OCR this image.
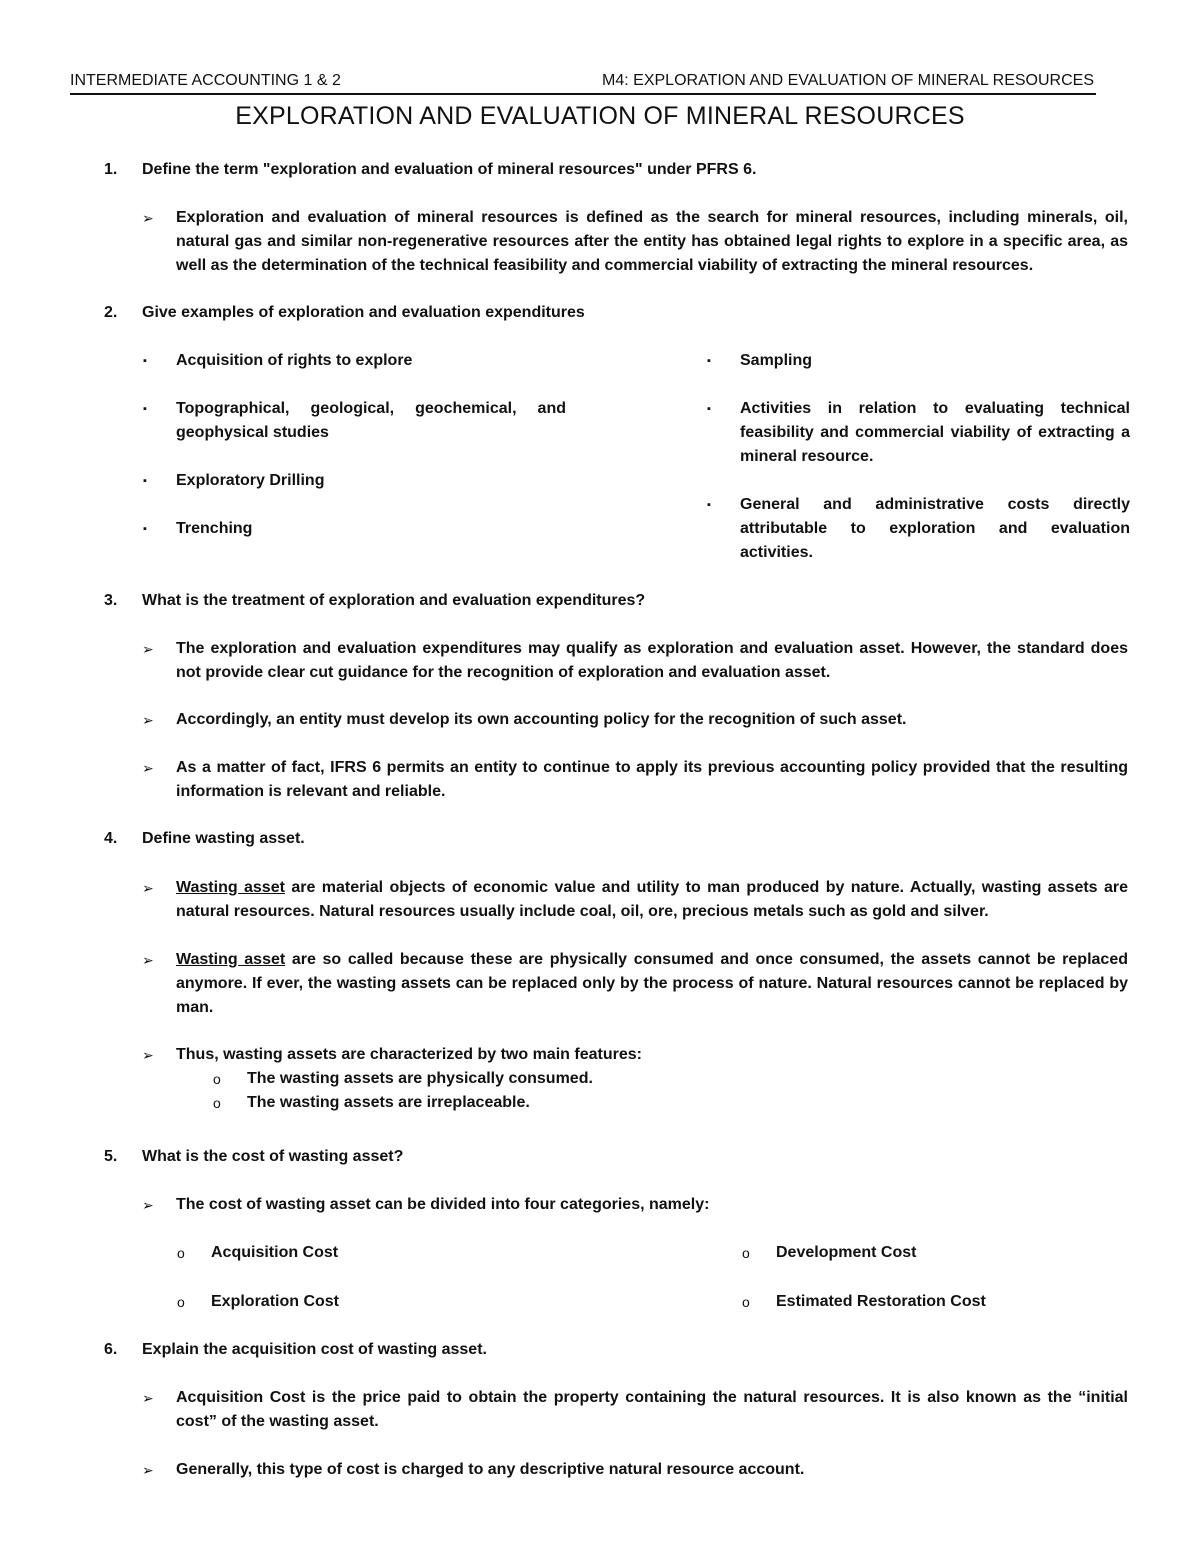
INTERMEDIATE ACCOUNTING 1 & 2	M4: EXPLORATION AND EVALUATION OF MINERAL RESOURCES
EXPLORATION AND EVALUATION OF MINERAL RESOURCES
1. Define the term "exploration and evaluation of mineral resources" under PFRS 6.
➢ Exploration and evaluation of mineral resources is defined as the search for mineral resources, including minerals, oil, natural gas and similar non-regenerative resources after the entity has obtained legal rights to explore in a specific area, as well as the determination of the technical feasibility and commercial viability of extracting the mineral resources.
2. Give examples of exploration and evaluation expenditures
▪ Acquisition of rights to explore
▪ Topographical, geological, geochemical, and geophysical studies
▪ Exploratory Drilling
▪ Trenching
▪ Sampling
▪ Activities in relation to evaluating technical feasibility and commercial viability of extracting a mineral resource.
▪ General and administrative costs directly attributable to exploration and evaluation activities.
3. What is the treatment of exploration and evaluation expenditures?
➢ The exploration and evaluation expenditures may qualify as exploration and evaluation asset. However, the standard does not provide clear cut guidance for the recognition of exploration and evaluation asset.
➢ Accordingly, an entity must develop its own accounting policy for the recognition of such asset.
➢ As a matter of fact, IFRS 6 permits an entity to continue to apply its previous accounting policy provided that the resulting information is relevant and reliable.
4. Define wasting asset.
➢ Wasting asset are material objects of economic value and utility to man produced by nature. Actually, wasting assets are natural resources. Natural resources usually include coal, oil, ore, precious metals such as gold and silver.
➢ Wasting asset are so called because these are physically consumed and once consumed, the assets cannot be replaced anymore. If ever, the wasting assets can be replaced only by the process of nature. Natural resources cannot be replaced by man.
➢ Thus, wasting assets are characterized by two main features:
o The wasting assets are physically consumed.
o The wasting assets are irreplaceable.
5. What is the cost of wasting asset?
➢ The cost of wasting asset can be divided into four categories, namely:
o Acquisition Cost
o Exploration Cost
o Development Cost
o Estimated Restoration Cost
6. Explain the acquisition cost of wasting asset.
➢ Acquisition Cost is the price paid to obtain the property containing the natural resources. It is also known as the “initial cost” of the wasting asset.
➢ Generally, this type of cost is charged to any descriptive natural resource account.
